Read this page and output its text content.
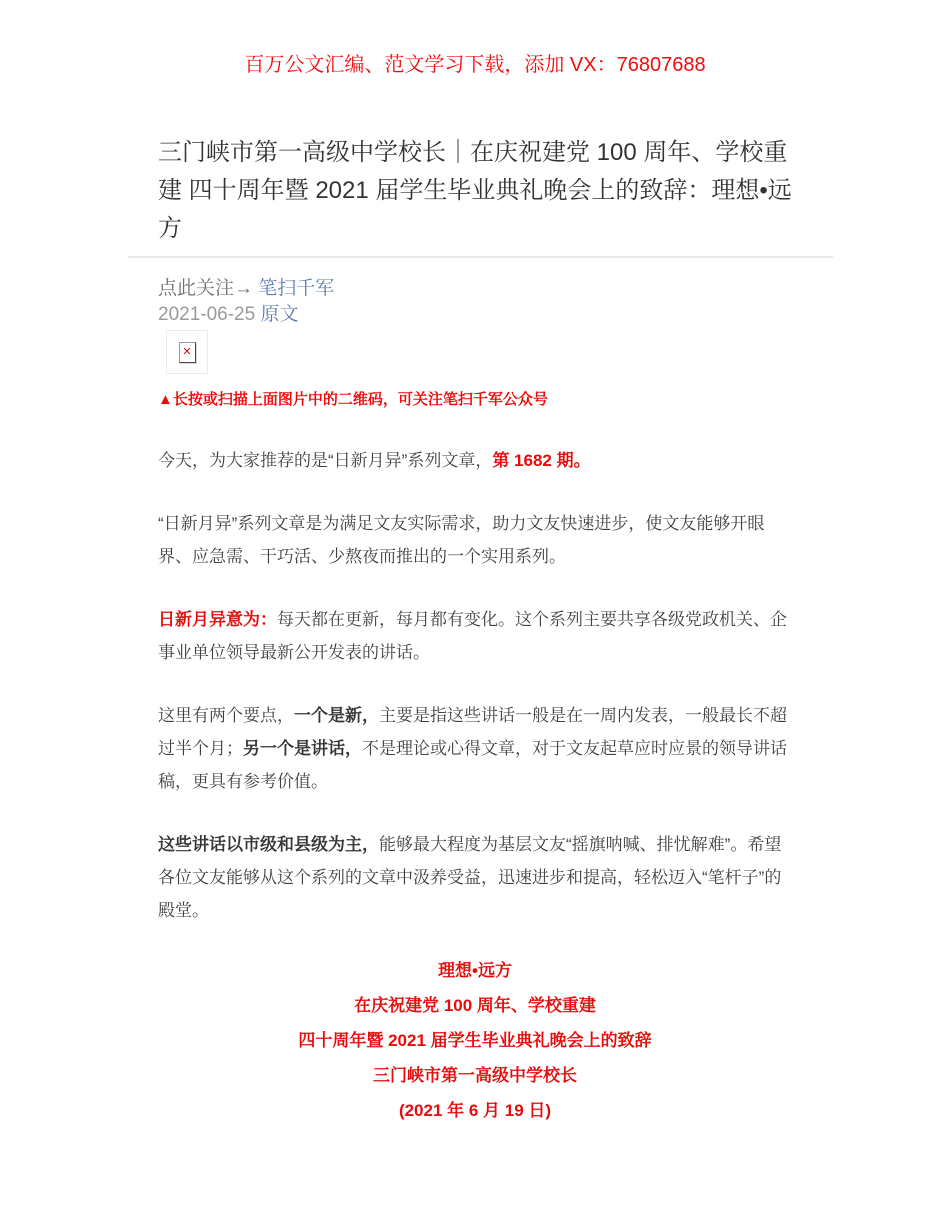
百万公文汇编、范文学习下载，添加 VX：76807688
三门峡市第一高级中学校长｜在庆祝建党 100 周年、学校重建 四十周年暨 2021 届学生毕业典礼晚会上的致辞：理想•远方
点此关注→ 笔扫千军
2021-06-25 原文
✕
▲长按或扫描上面图片中的二维码，可关注笔扫千军公众号

今天，为大家推荐的是“日新月异”系列文章，第 1682 期。

“日新月异”系列文章是为满足文友实际需求，助力文友快速进步，使文友能够开眼界、应急需、干巧活、少熬夜而推出的一个实用系列。

日新月异意为：每天都在更新，每月都有变化。这个系列主要共享各级党政机关、企事业单位领导最新公开发表的讲话。

这里有两个要点，一个是新，主要是指这些讲话一般是在一周内发表，一般最长不超过半个月；另一个是讲话，不是理论或心得文章，对于文友起草应时应景的领导讲话稿，更具有参考价值。

这些讲话以市级和县级为主，能够最大程度为基层文友“摇旗呐喊、排忧解难”。希望各位文友能够从这个系列的文章中汲养受益，迅速进步和提高，轻松迈入“笔杆子”的殿堂。

理想•远方
在庆祝建党 100 周年、学校重建
四十周年暨 2021 届学生毕业典礼晚会上的致辞
三门峡市第一高级中学校长
(2021 年 6 月 19 日)
